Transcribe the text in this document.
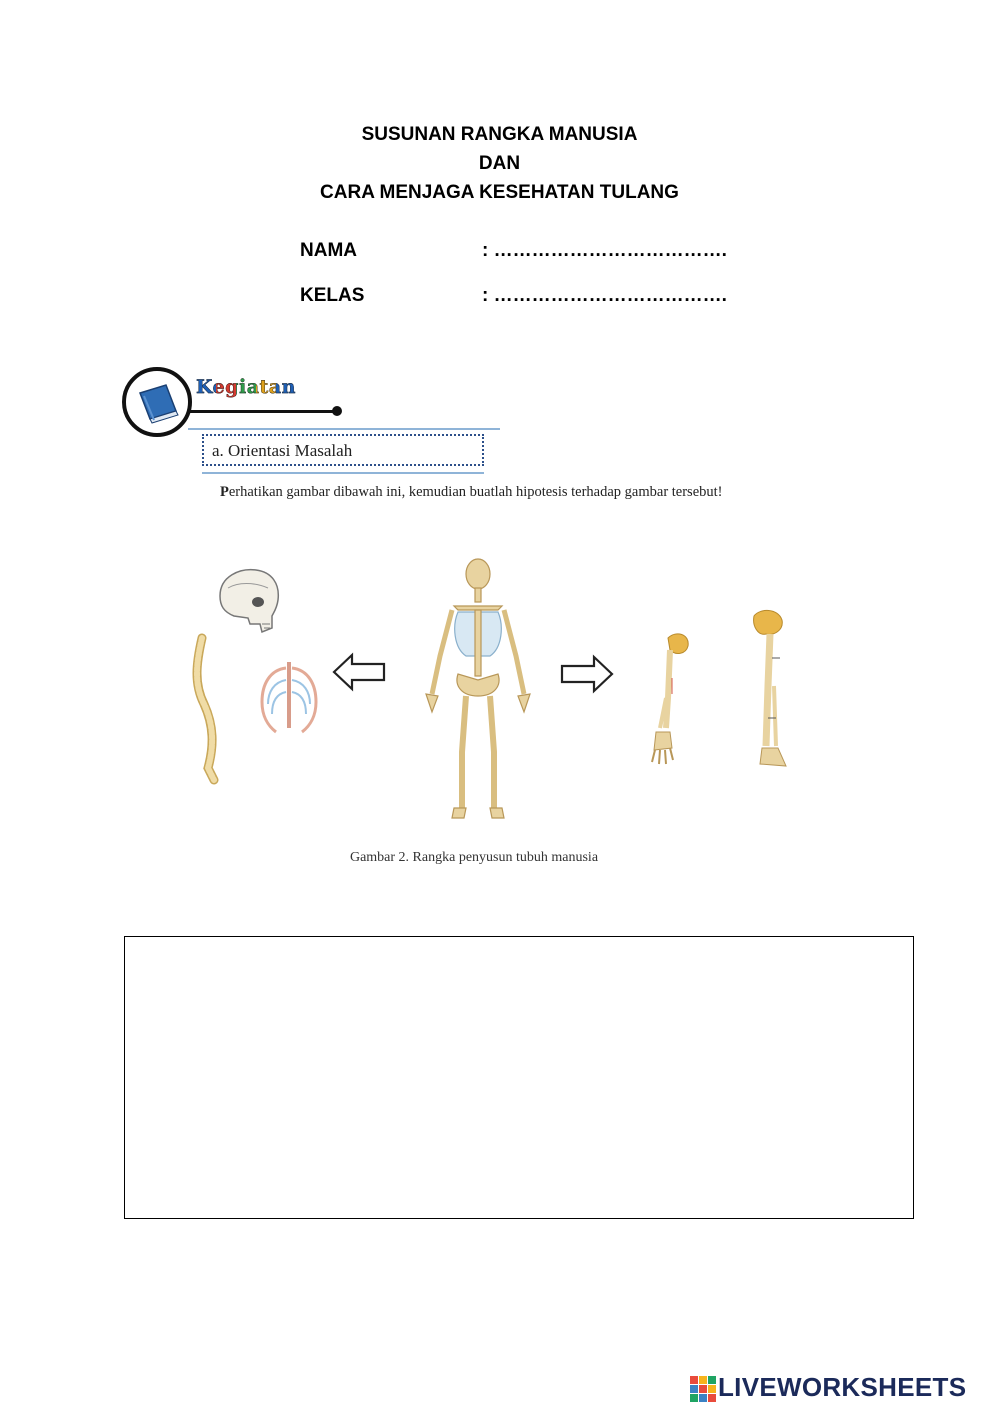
SUSUNAN RANGKA MANUSIA
DAN
CARA MENJAGA KESEHATAN TULANG
NAMA	: ……………………………….
KELAS	: ……………………………….
Kegiatan
a. Orientasi Masalah
Perhatikan gambar dibawah ini, kemudian buatlah hipotesis terhadap gambar tersebut!
Gambar 2. Rangka penyusun tubuh manusia
LIVEWORKSHEETS
